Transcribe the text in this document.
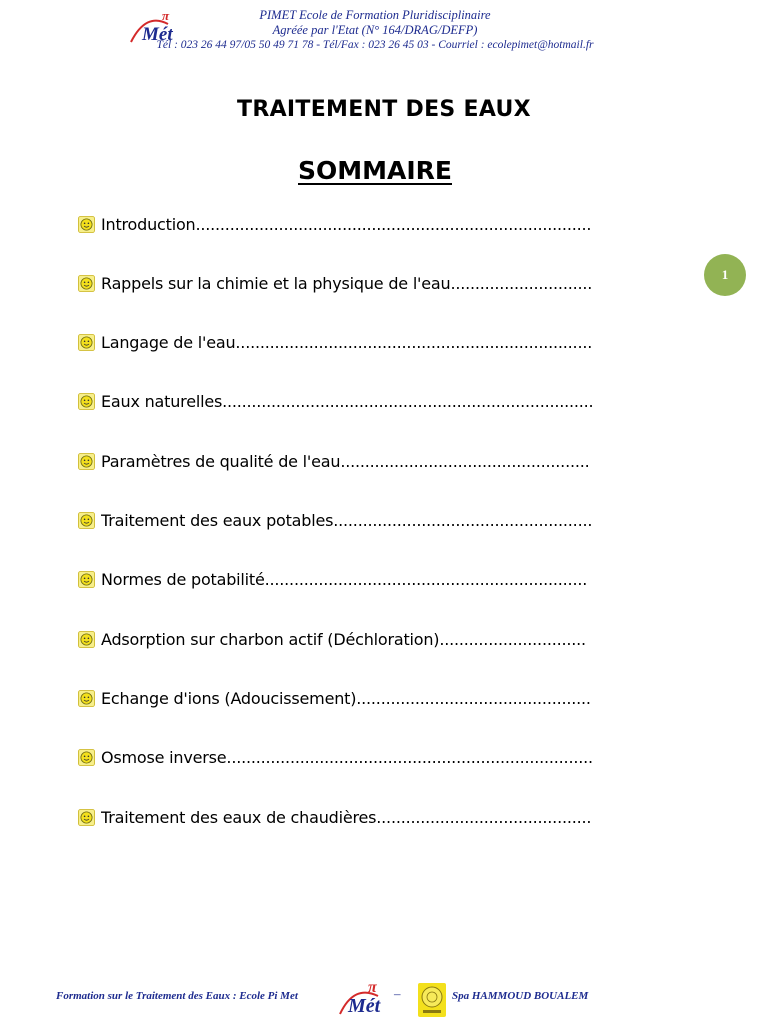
π
Mét
PIMET Ecole de Formation Pluridisciplinaire
Agréée par l'Etat (N° 164/DRAG/DEFP)
Tél : 023 26 44 97/05 50 49 71 78 - Tél/Fax : 023 26 45 03 - Courriel : ecolepimet@hotmail.fr
TRAITEMENT DES EAUX
SOMMAIRE
Introduction.................................................................................
Rappels sur la chimie et la physique de l'eau.............................
Langage de l'eau.........................................................................
Eaux naturelles............................................................................
Paramètres de qualité de l'eau...................................................
Traitement des eaux potables.....................................................
Normes de potabilité..................................................................
Adsorption sur charbon actif (Déchloration)..............................
Echange d'ions (Adoucissement)................................................
Osmose inverse...........................................................................
Traitement des eaux de chaudières............................................
1
Formation sur le Traitement des Eaux : Ecole Pi Met	π
Mét
–	Spa HAMMOUD BOUALEM
